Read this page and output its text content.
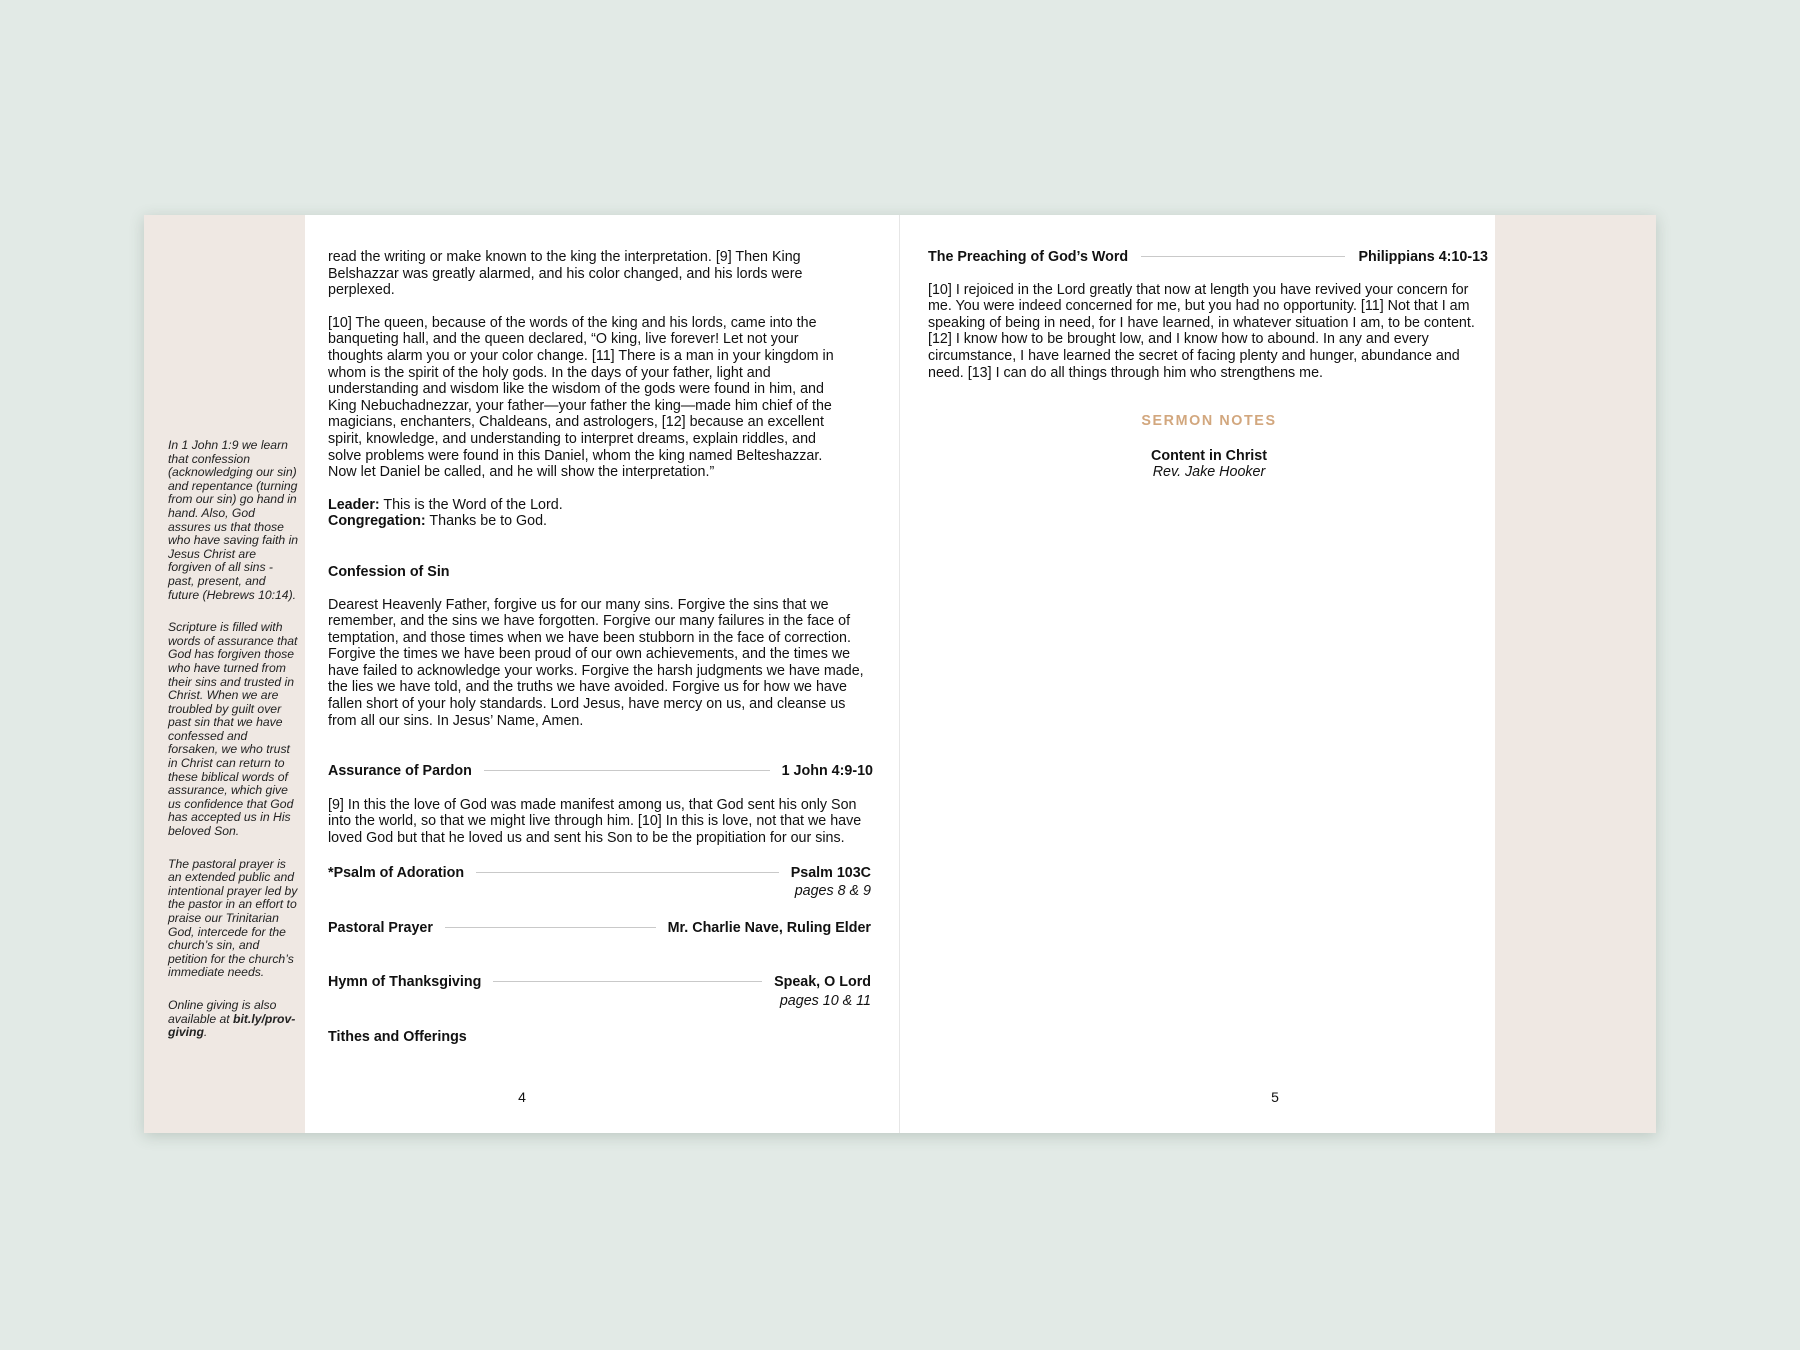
In 1 John 1:9 we learn that confession (acknowledging our sin) and repentance (turning from our sin) go hand in hand. Also, God assures us that those who have saving faith in Jesus Christ are forgiven of all sins - past, present, and future (Hebrews 10:14).

Scripture is filled with words of assurance that God has forgiven those who have turned from their sins and trusted in Christ. When we are troubled by guilt over past sin that we have confessed and forsaken, we who trust in Christ can return to these biblical words of assurance, which give us confidence that God has accepted us in His beloved Son.

The pastoral prayer is an extended public and intentional prayer led by the pastor in an effort to praise our Trinitarian God, intercede for the church’s sin, and petition for the church’s immediate needs.

Online giving is also available at bit.ly/prov-giving.

read the writing or make known to the king the interpretation. [9] Then King Belshazzar was greatly alarmed, and his color changed, and his lords were perplexed.

[10] The queen, because of the words of the king and his lords, came into the banqueting hall, and the queen declared, “O king, live forever! Let not your thoughts alarm you or your color change. [11] There is a man in your kingdom in whom is the spirit of the holy gods. In the days of your father, light and understanding and wisdom like the wisdom of the gods were found in him, and King Nebuchadnezzar, your father—your father the king—made him chief of the magicians, enchanters, Chaldeans, and astrologers, [12] because an excellent spirit, knowledge, and understanding to interpret dreams, explain riddles, and solve problems were found in this Daniel, whom the king named Belteshazzar. Now let Daniel be called, and he will show the interpretation.”

Leader: This is the Word of the Lord.

Congregation: Thanks be to God.

Confession of Sin

Dearest Heavenly Father, forgive us for our many sins. Forgive the sins that we remember, and the sins we have forgotten. Forgive our many failures in the face of temptation, and those times when we have been stubborn in the face of correction. Forgive the times we have been proud of our own achievements, and the times we have failed to acknowledge your works. Forgive the harsh judgments we have made, the lies we have told, and the truths we have avoided. Forgive us for how we have fallen short of your holy standards. Lord Jesus, have mercy on us, and cleanse us from all our sins. In Jesus’ Name, Amen.

Assurance of Pardon	1 John 4:9-10

[9] In this the love of God was made manifest among us, that God sent his only Son into the world, so that we might live through him. [10] In this is love, not that we have loved God but that he loved us and sent his Son to be the propitiation for our sins.

*Psalm of Adoration	Psalm 103C

pages 8 & 9

Pastoral Prayer	Mr. Charlie Nave, Ruling Elder
Hymn of Thanksgiving	Speak, O Lord

pages 10 & 11

Tithes and Offerings

4
The Preaching of God’s Word	Philippians 4:10-13

[10] I rejoiced in the Lord greatly that now at length you have revived your concern for me. You were indeed concerned for me, but you had no opportunity. [11] Not that I am speaking of being in need, for I have learned, in whatever situation I am, to be content. [12] I know how to be brought low, and I know how to abound. In any and every circumstance, I have learned the secret of facing plenty and hunger, abundance and need. [13] I can do all things through him who strengthens me.

SERMON NOTES

Content in Christ

Rev. Jake Hooker

5
